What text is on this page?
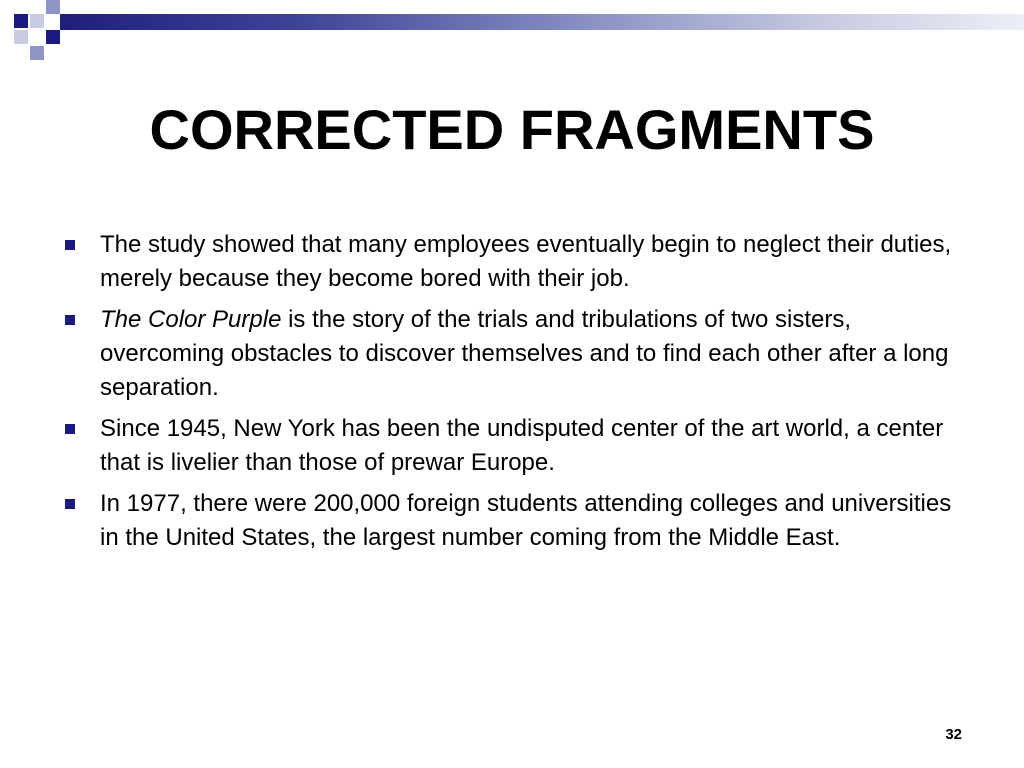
CORRECTED FRAGMENTS
The study showed that many employees eventually begin to neglect their duties, merely because they become bored with their job.
The Color Purple is the story of the trials and tribulations of two sisters, overcoming obstacles to discover themselves and to find each other after a long separation.
Since 1945, New York has been the undisputed center of the art world, a center that is livelier than those of prewar Europe.
In 1977, there were 200,000 foreign students attending colleges and universities in the United States, the largest number coming from the Middle East.
32
